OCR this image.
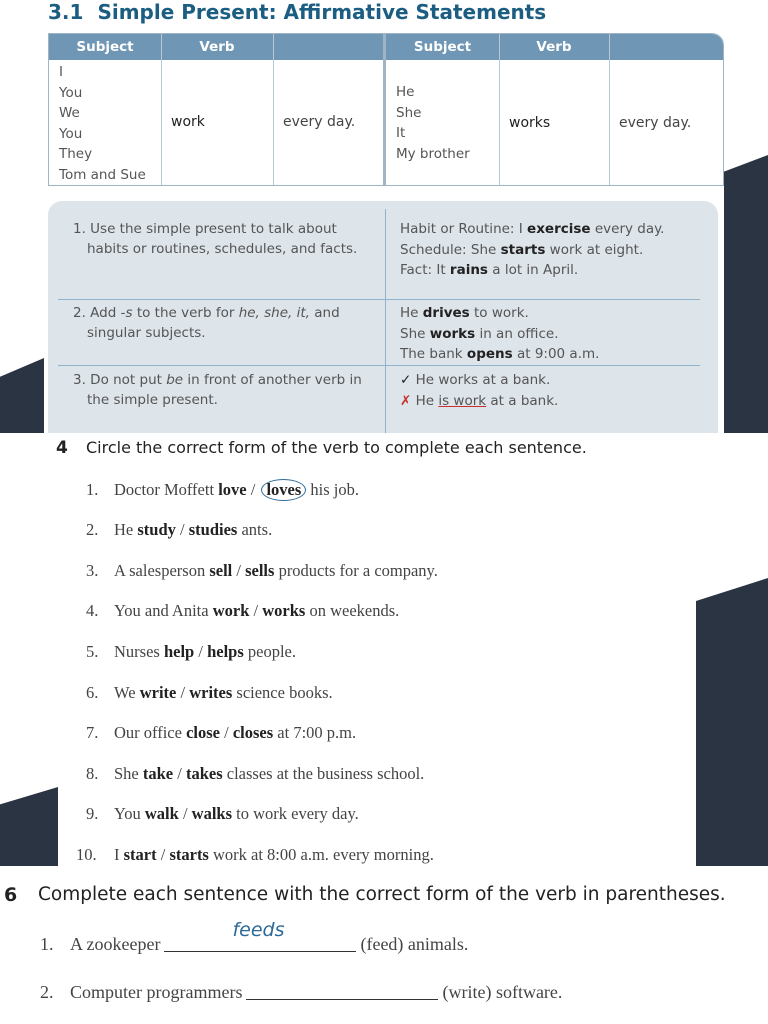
3.1 Simple Present: Affirmative Statements
Subject	Verb	Subject	Verb
I
You
We
You
They
Tom and Sue
work	every day.
He
She
It
My brother
works	every day.
1. Use the simple present to talk about habits or routines, schedules, and facts.
Habit or Routine: I exercise every day.
Schedule: She starts work at eight.
Fact: It rains a lot in April.
2. Add -s to the verb for he, she, it, and singular subjects.
He drives to work.
She works in an office.
The bank opens at 9:00 a.m.
3. Do not put be in front of another verb in the simple present.
✓ He works at a bank.
✗ He is work at a bank.
4 Circle the correct form of the verb to complete each sentence.
1. Doctor Moffett love / loves his job.
2. He study / studies ants.
3. A salesperson sell / sells products for a company.
4. You and Anita work / works on weekends.
5. Nurses help / helps people.
6. We write / writes science books.
7. Our office close / closes at 7:00 p.m.
8. She take / takes classes at the business school.
9. You walk / walks to work every day.
10. I start / starts work at 8:00 a.m. every morning.
6 Complete each sentence with the correct form of the verb in parentheses.
1. A zookeeper
feeds
(feed) animals.
2. Computer programmers	(write) software.
